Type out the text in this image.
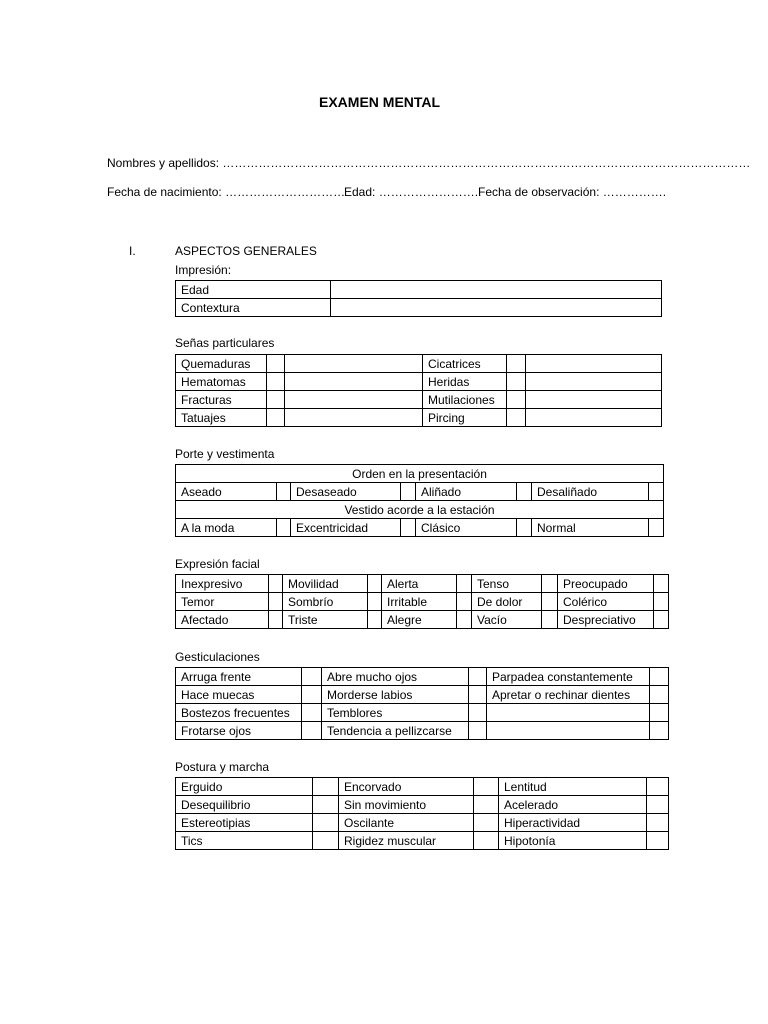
EXAMEN MENTAL
Nombres y apellidos: ……………………………………………………………………………………………………………………
Fecha de nacimiento: …………………………
Edad: ……………………..
Fecha de observación: …………….
I.	ASPECTOS GENERALES
Impresión:
Edad	
Contextura	
Señas particulares
Quemaduras			Cicatrices		
Hematomas			Heridas		
Fracturas			Mutilaciones		
Tatuajes			Pircing		
Porte y vestimenta
Orden en la presentación							
Aseado		Desaseado		Aliñado		Desaliñado	
Vestido acorde a la estación							
A la moda		Excentricidad		Clásico		Normal	
Expresión facial
Inexpresivo		Movilidad		Alerta		Tenso		Preocupado	
Temor		Sombrío		Irritable		De dolor		Colérico	
Afectado		Triste		Alegre		Vacío		Despreciativo	
Gesticulaciones
Arruga frente		Abre mucho ojos		Parpadea constantemente	
Hace muecas		Morderse labios		Apretar o rechinar dientes	
Bostezos frecuentes		Temblores			
Frotarse ojos		Tendencia a pellizcarse			
Postura y marcha
Erguido		Encorvado		Lentitud	
Desequilibrio		Sin movimiento		Acelerado	
Estereotipias		Oscilante		Hiperactividad	
Tics		Rigidez muscular		Hipotonía	
